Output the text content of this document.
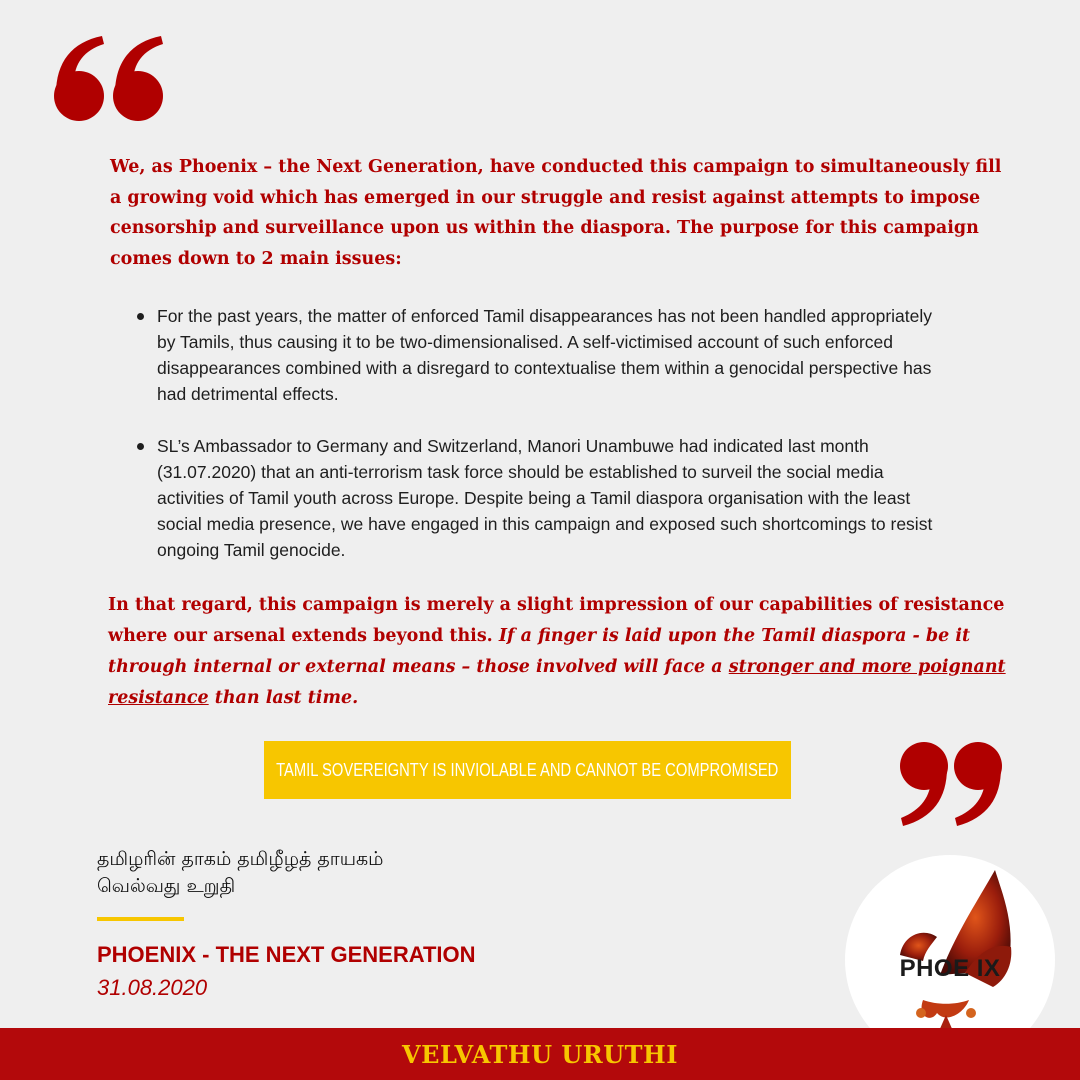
We, as Phoenix – the Next Generation, have conducted this campaign to simultaneously fill a growing void which has emerged in our struggle and resist against attempts to impose censorship and surveillance upon us within the diaspora. The purpose for this campaign comes down to 2 main issues:

For the past years, the matter of enforced Tamil disappearances has not been handled appropriately by Tamils, thus causing it to be two-dimensionalised. A self-victimised account of such enforced disappearances combined with a disregard to contextualise them within a genocidal perspective has had detrimental effects.
SL’s Ambassador to Germany and Switzerland, Manori Unambuwe had indicated last month (31.07.2020) that an anti-terrorism task force should be established to surveil the social media activities of Tamil youth across Europe. Despite being a Tamil diaspora organisation with the least social media presence, we have engaged in this campaign and exposed such shortcomings to resist ongoing Tamil genocide.

In that regard, this campaign is merely a slight impression of our capabilities of resistance where our arsenal extends beyond this. If a finger is laid upon the Tamil diaspora - be it through internal or external means – those involved will face a stronger and more poignant resistance than last time.

TAMIL SOVEREIGNTY IS INVIOLABLE AND CANNOT BE COMPROMISED

தமிழரின் தாகம் தமிழீழத் தாயகம்
வெல்வது உறுதி

PHOENIX - THE NEXT GENERATION

31.08.2020

PHOE IX
VELVATHU URUTHI
